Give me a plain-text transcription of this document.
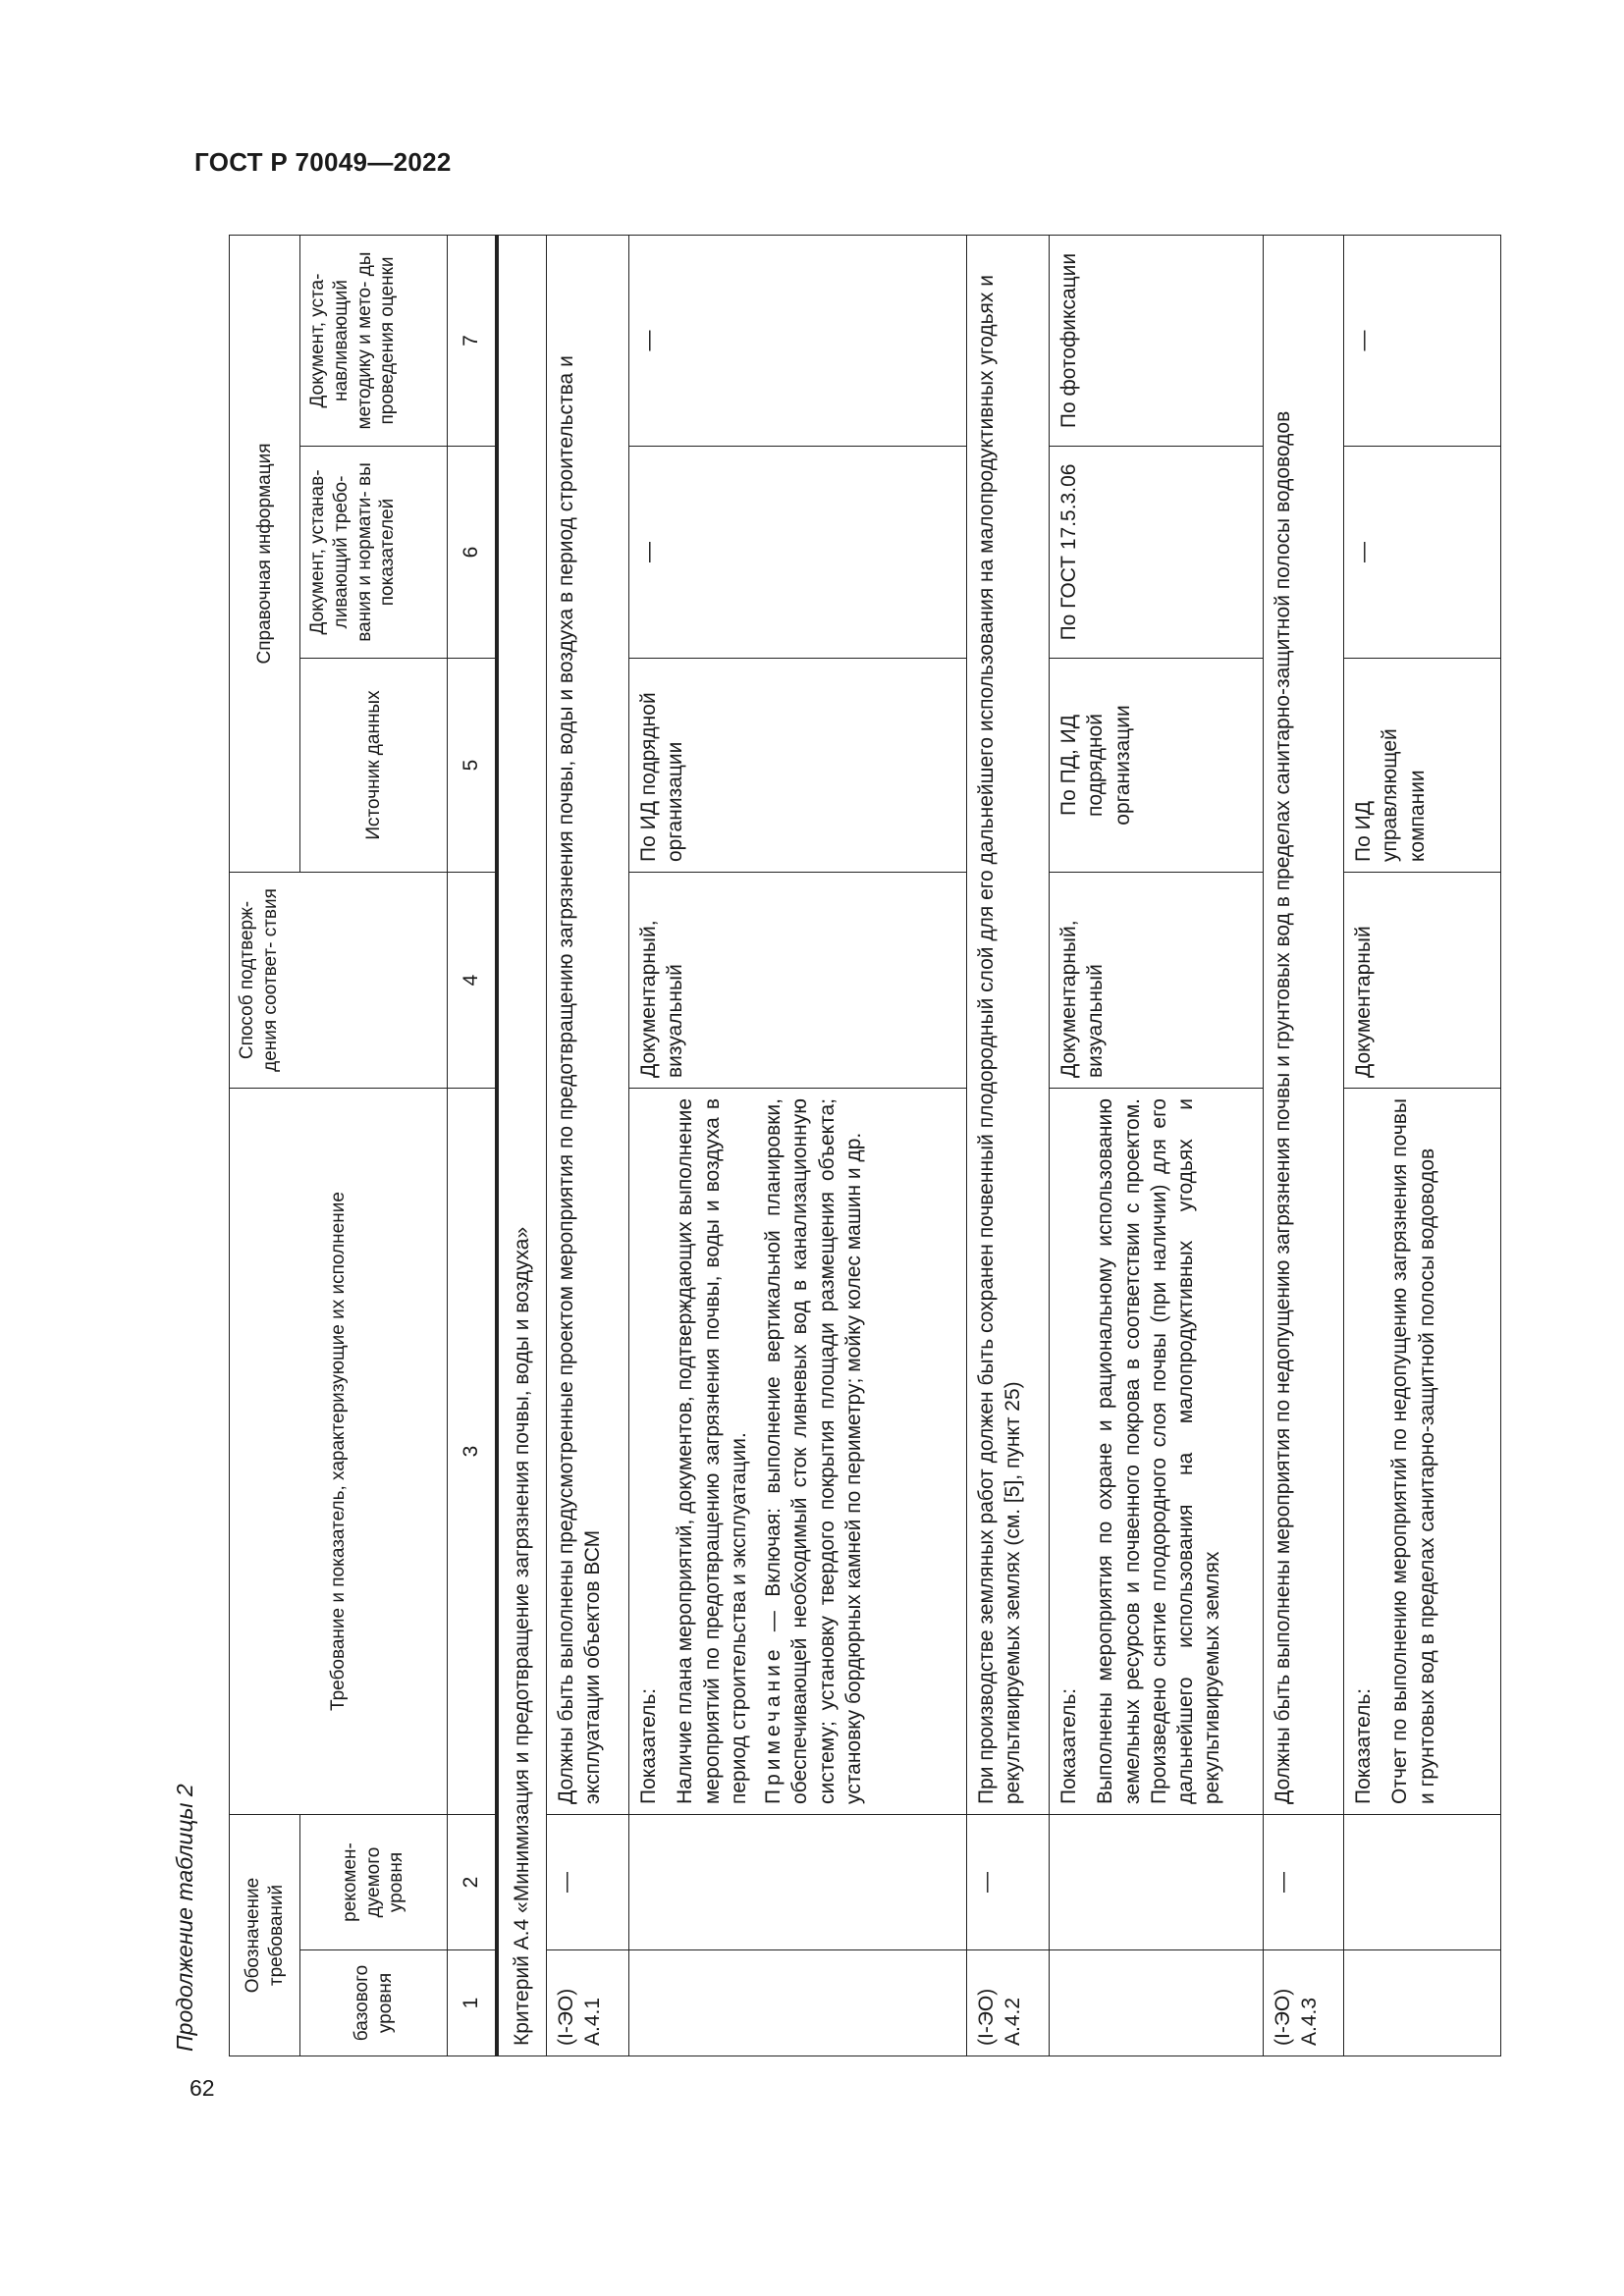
ГОСТ Р 70049—2022
62
Продолжение таблицы 2 Обозначение требований		Требование и показатель, характеризующие их исполнение	Способ подтверж- дения соответ- ствия	Справочная информация		
базового уровня	рекомен- дуемого уровня			Источник данных	Документ, устанав- ливающий требо- вания и нормати- вы показателей	Документ, уста- навливающий методику и мето- ды проведения оценки
1	2	3	4	5	6	7
Критерий А.4 «Минимизация и предотвращение загрязнения почвы, воды и воздуха»						
(I-ЭО) А.4.1	—	Должны быть выполнены предусмотренные проектом мероприятия по предотвращению загрязнения почвы, воды и воздуха в период строительства и эксплуатации объектов ВСМ				

		Показатель: Наличие плана мероприятий, документов, подтверждающих выполнение мероприятий по предотвращению загрязнения почвы, воды и воздуха в период строительства и эксплуатации. Примечание — Включая: выполнение вертикальной планировки, обеспечивающей необходимый сток ливневых вод в канализационную систему; установку твердого покрытия площади размещения объекта; установку бордюрных камней по периметру; мойку колес машин и др.	Документарный, визуальный	По ИД подрядной организации	—	—
(I-ЭО) А.4.2	—	При производстве земляных работ должен быть сохранен почвенный плодородный слой для его дальнейшего использования на малопродуктивных угодьях и рекультивируемых землях (см. [5], пункт 25)				

		Показатель: Выполнены мероприятия по охране и рациональному использованию земельных ресурсов и почвенного покрова в соответствии с проектом. Произведено снятие плодородного слоя почвы (при наличии) для его дальнейшего использования на малопродуктивных угодьях и рекультивируемых землях	Документарный, визуальный	По ПД, ИД подрядной организации	По ГОСТ 17.5.3.06	По фотофиксации
(I-ЭО) А.4.3	—	Должны быть выполнены мероприятия по недопущению загрязнения почвы и грунтовых вод в пределах санитарно-защитной полосы водоводов				

		Показатель: Отчет по выполнению мероприятий по недопущению загрязнения почвы и грунтовых вод в пределах санитарно-защитной полосы водоводов	Документарный	По ИД управляющей компании	—	—
